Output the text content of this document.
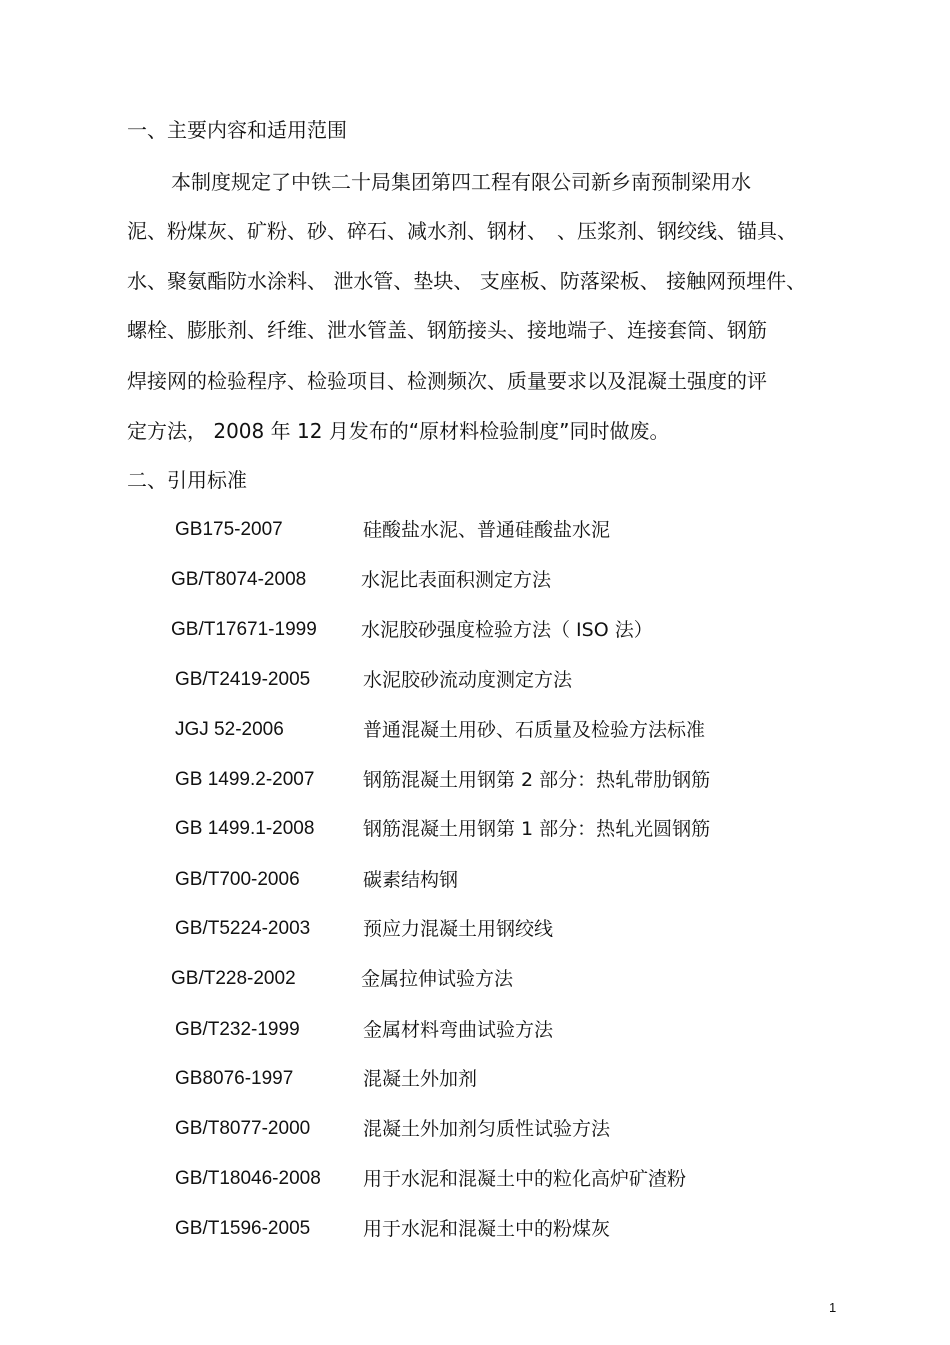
一、主要内容和适用范围
本制度规定了中铁二十局集团第四工程有限公司新乡南预制梁用水
泥、粉煤灰、矿粉、砂、碎石、减水剂、钢材、　、压浆剂、钢绞线、锚具、
水、聚氨酯防水涂料、 泄水管、垫块、 支座板、防落梁板、 接触网预埋件、
螺栓、膨胀剂、纤维、泄水管盖、钢筋接头、接地端子、连接套筒、钢筋
焊接网的检验程序、检验项目、检测频次、质量要求以及混凝土强度的评
定方法， 2008 年 12 月发布的“原材料检验制度”同时做废。
二、引用标准
GB175-2007	硅酸盐水泥、普通硅酸盐水泥
GB/T8074-2008	水泥比表面积测定方法
GB/T17671-1999 水泥胶砂强度检验方法（ ISO 法）
GB/T2419-2005	水泥胶砂流动度测定方法
JGJ 52-2006	普通混凝土用砂、石质量及检验方法标准
GB 1499.2-2007	钢筋混凝土用钢第 2 部分：热轧带肋钢筋
GB 1499.1-2008	钢筋混凝土用钢第 1 部分：热轧光圆钢筋
GB/T700-2006	碳素结构钢
GB/T5224-2003	预应力混凝土用钢绞线
GB/T228-2002	金属拉伸试验方法
GB/T232-1999	金属材料弯曲试验方法
GB8076-1997	混凝土外加剂
GB/T8077-2000	混凝土外加剂匀质性试验方法
GB/T18046-2008 用于水泥和混凝土中的粒化高炉矿渣粉
GB/T1596-2005	用于水泥和混凝土中的粉煤灰
1
